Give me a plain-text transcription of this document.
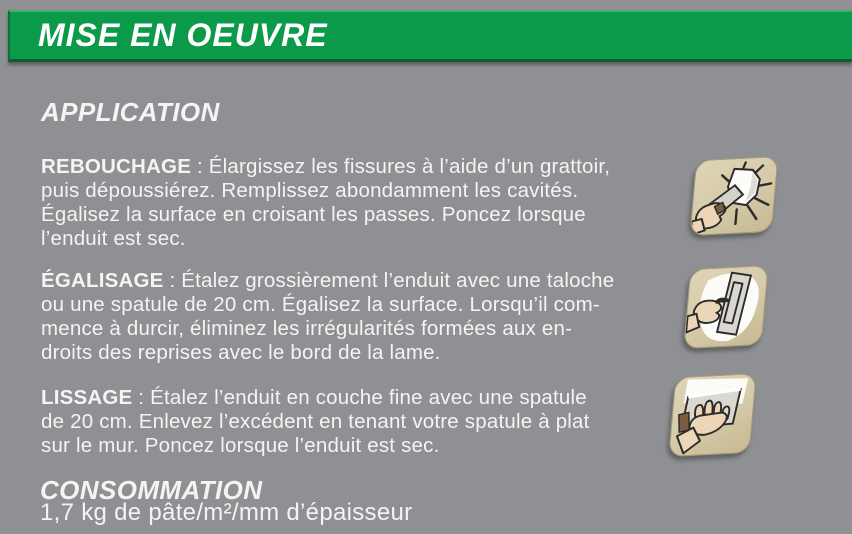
MISE EN OEUVRE
APPLICATION
REBOUCHAGE : Élargissez les fissures à l’aide d’un grattoir,
puis dépoussiérez. Remplissez abondamment les cavités.
Égalisez la surface en croisant les passes. Poncez lorsque
l’enduit est sec.
ÉGALISAGE : Étalez grossièrement l’enduit avec une taloche
ou une spatule de 20 cm. Égalisez la surface. Lorsqu’il com-
mence à durcir, éliminez les irrégularités formées aux en-
droits des reprises avec le bord de la lame.
LISSAGE : Étalez l’enduit en couche fine avec une spatule
de 20 cm. Enlevez l’excédent en tenant votre spatule à plat
sur le mur. Poncez lorsque l’enduit est sec.
CONSOMMATION
1,7 kg de pâte/m²/mm d’épaisseur
